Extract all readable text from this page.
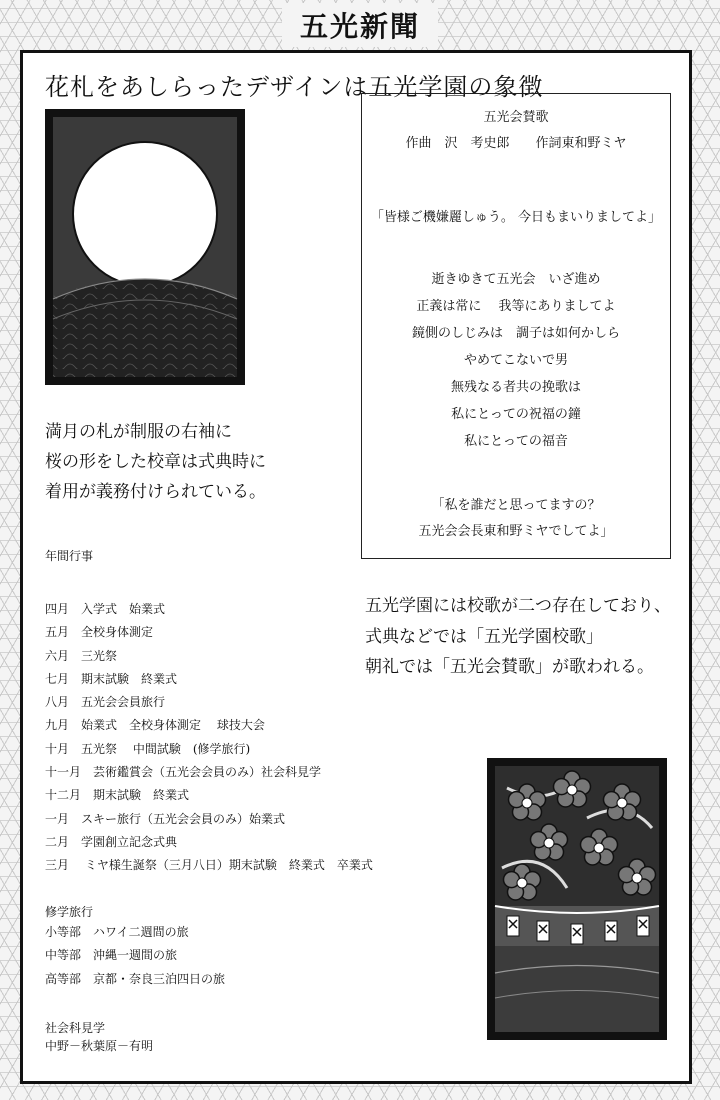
五光新聞
花札をあしらったデザインは五光学園の象徴
満月の札が制服の右袖に
桜の形をした校章は式典時に
着用が義務付けられている。
五光会賛歌
作曲　沢　考史郎　　作詞東和野ミヤ
「皆様ご機嫌麗しゅう。 今日もまいりましてよ」
逝きゆきて五光会　いざ進め
正義は常に　 我等にありましてよ
鏡側のしじみは　調子は如何かしら
やめてこないで男
無残なる者共の挽歌は
私にとっての祝福の鐘
私にとっての福音
「私を誰だと思ってますの？
五光会会長東和野ミヤでしてよ」
年間行事
四月　入学式　始業式
五月　全校身体測定
六月　三光祭
七月　期末試験　終業式
八月　五光会会員旅行
九月　始業式　全校身体測定　 球技大会
十月　五光祭　 中間試験　(修学旅行)
十一月　芸術鑑賞会（五光会会員のみ）社会科見学
十二月　期末試験　終業式
一月　スキー旅行（五光会会員のみ）始業式
二月　学園創立記念式典
三月　 ミヤ様生誕祭（三月八日）期末試験　終業式　卒業式
修学旅行
小等部　ハワイ二週間の旅
中等部　沖縄一週間の旅
高等部　京都・奈良三泊四日の旅
社会科見学
中野－秋葉原－有明
五光学園には校歌が二つ存在しており、
式典などでは「五光学園校歌」
朝礼では「五光会賛歌」が歌われる。
